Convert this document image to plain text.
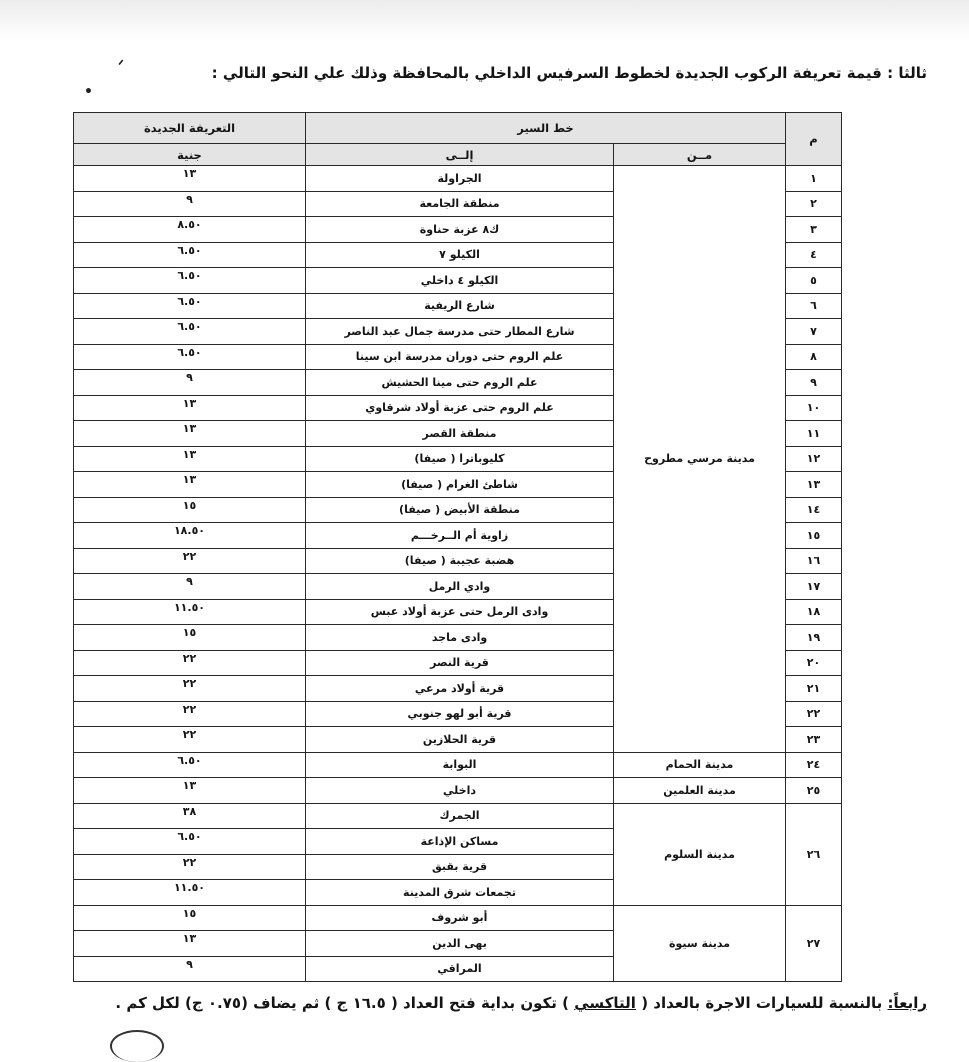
ᐟ
•
ثالثا : قيمة تعريفة الركوب الجديدة لخطوط السرفيس الداخلي بالمحافظة وذلك علي النحو التالي :
م	خط السير		التعريفة الجديدة
	مــن	إلــى	جنية
١	مدينة مرسي مطروح	الجراولة	١٣
٢		منطقة الجامعة	٩
٣		ك٨ عزبة حناوة	٨.٥٠
٤		الكيلو ٧	٦.٥٠
٥		الكيلو ٤ داخلي	٦.٥٠
٦		شارع الريفية	٦.٥٠
٧		شارع المطار حتى مدرسة جمال عبد الناصر	٦.٥٠
٨		علم الروم حتى دوران مدرسة ابن سينا	٦.٥٠
٩		علم الروم حتى مينا الحشيش	٩
١٠		علم الروم حتى عزبة أولاد شرقاوي	١٣
١١		منطقة القصر	١٣
١٢		كليوباترا ( صيفا)	١٣
١٣		شاطئ الغرام ( صيفا)	١٣
١٤		منطقة الأبيض ( صيفا)	١٥
١٥		زاوية أم الــرخـــم	١٨.٥٠
١٦		هضبة عجيبة ( صيفا)	٢٢
١٧		وادي الرمل	٩
١٨		وادى الرمل حتى عزبة أولاد عبس	١١.٥٠
١٩		وادى ماجد	١٥
٢٠		قرية النصر	٢٢
٢١		قرية أولاد مرعي	٢٢
٢٢		قرية أبو لهو جنوبي	٢٢
٢٣		قرية الحلازين	٢٢
٢٤	مدينة الحمام	البوابة	٦.٥٠
٢٥	مدينة العلمين	داخلي	١٣
٢٦	مدينة السلوم	الجمرك	٣٨
		مساكن الإذاعة	٦.٥٠
		قرية بقبق	٢٢
		تجمعات شرق المدينة	١١.٥٠
٢٧	مدينة سيوة	أبو شروف	١٥
		بهى الدين	١٣
		المراقي	٩
رابعاً: بالنسبة للسيارات الاجرة بالعداد ( التاكسي ) تكون بداية فتح العداد ( ١٦.٥ ج ) ثم يضاف (٠.٧٥ ج) لكل كم .
